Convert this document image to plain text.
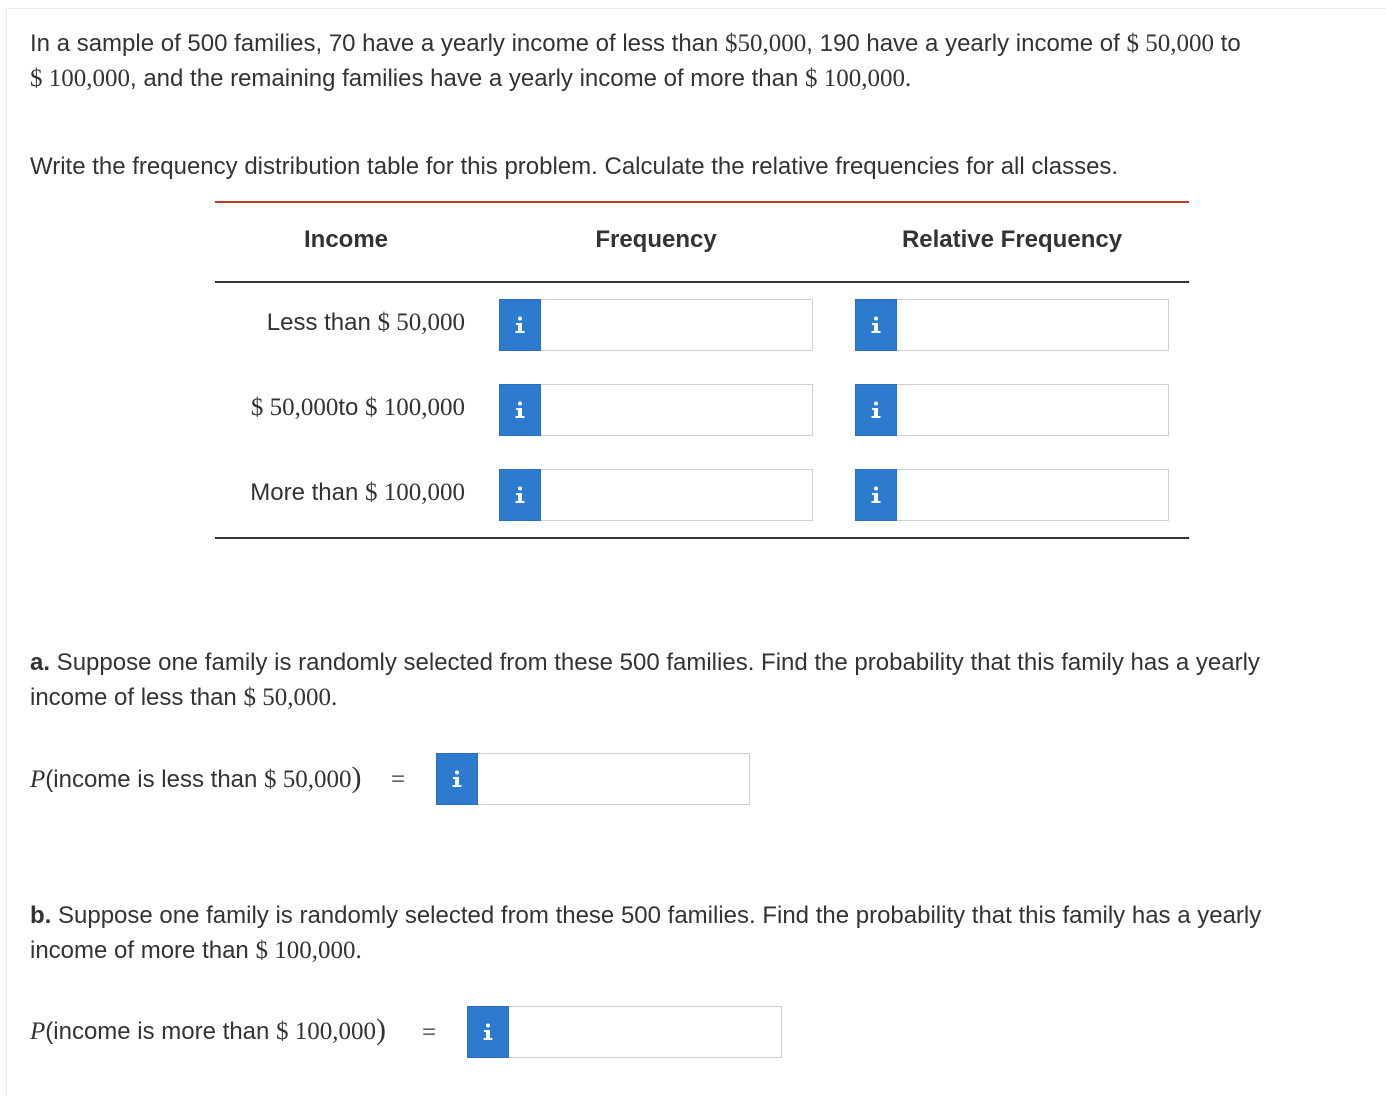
In a sample of 500 families, 70 have a yearly income of less than $50,000, 190 have a yearly income of $ 50,000 to
$ 100,000, and the remaining families have a yearly income of more than $ 100,000.
Write the frequency distribution table for this problem. Calculate the relative frequencies for all classes.
Income	Frequency	Relative Frequency
Less than $ 50,000
$ 50,000to $ 100,000
More than $ 100,000
a. Suppose one family is randomly selected from these 500 families. Find the probability that this family has a yearly
income of less than $ 50,000.
P(income is less than $ 50,000) =
b. Suppose one family is randomly selected from these 500 families. Find the probability that this family has a yearly
income of more than $ 100,000.
P(income is more than $ 100,000) =
